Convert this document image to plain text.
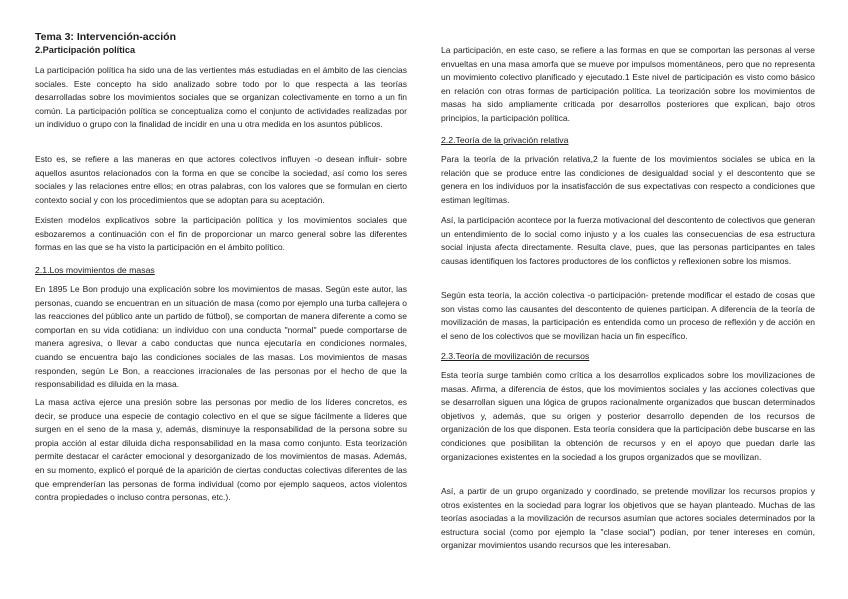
Tema 3: Intervención-acción
2.Participación política

La participación política ha sido una de las vertientes más estudiadas en el ámbito de las ciencias sociales. Este concepto ha sido analizado sobre todo por lo que respecta a las teorías desarrolladas sobre los movimientos sociales que se organizan colectivamente en torno a un fin común. La participación política se conceptualiza como el conjunto de actividades realizadas por un individuo o grupo con la finalidad de incidir en una u otra medida en los asuntos públicos.

Esto es, se refiere a las maneras en que actores colectivos influyen -o desean influir- sobre aquellos asuntos relacionados con la forma en que se concibe la sociedad, así como los seres sociales y las relaciones entre ellos; en otras palabras, con los valores que se formulan en cierto contexto social y con los procedimientos que se adoptan para su aceptación.

Existen modelos explicativos sobre la participación política y los movimientos sociales que esbozaremos a continuación con el fin de proporcionar un marco general sobre las diferentes formas en las que se ha visto la participación en el ámbito político.

2.1.Los movimientos de masas

En 1895 Le Bon produjo una explicación sobre los movimientos de masas. Según este autor, las personas, cuando se encuentran en un situación de masa (como por ejemplo una turba callejera o las reacciones del público ante un partido de fútbol), se comportan de manera diferente a como se comportan en su vida cotidiana: un individuo con una conducta "normal" puede comportarse de manera agresiva, o llevar a cabo conductas que nunca ejecutaría en condiciones normales, cuando se encuentra bajo las condiciones sociales de las masas. Los movimientos de masas responden, según Le Bon, a reacciones irracionales de las personas por el hecho de que la responsabilidad es diluida en la masa.

La masa activa ejerce una presión sobre las personas por medio de los líderes concretos, es decir, se produce una especie de contagio colectivo en el que se sigue fácilmente a líderes que surgen en el seno de la masa y, además, disminuye la responsabilidad de la persona sobre su propia acción al estar diluida dicha responsabilidad en la masa como conjunto. Esta teorización permite destacar el carácter emocional y desorganizado de los movimientos de masas. Además, en su momento, explicó el porqué de la aparición de ciertas conductas colectivas diferentes de las que emprenderían las personas de forma individual (como por ejemplo saqueos, actos violentos contra propiedades o incluso contra personas, etc.).

La participación, en este caso, se refiere a las formas en que se comportan las personas al verse envueltas en una masa amorfa que se mueve por impulsos momentáneos, pero que no representa un movimiento colectivo planificado y ejecutado.1 Este nivel de participación es visto como básico en relación con otras formas de participación política. La teorización sobre los movimientos de masas ha sido ampliamente criticada por desarrollos posteriores que explican, bajo otros principios, la participación política.

2.2.Teoría de la privación relativa

Para la teoría de la privación relativa,2 la fuente de los movimientos sociales se ubica en la relación que se produce entre las condiciones de desigualdad social y el descontento que se genera en los individuos por la insatisfacción de sus expectativas con respecto a condiciones que estiman legítimas.

Así, la participación acontece por la fuerza motivacional del descontento de colectivos que generan un entendimiento de lo social como injusto y a los cuales las consecuencias de esa estructura social injusta afecta directamente. Resulta clave, pues, que las personas participantes en tales causas identifiquen los factores productores de los conflictos y reflexionen sobre los mismos.

Según esta teoría, la acción colectiva -o participación- pretende modificar el estado de cosas que son vistas como las causantes del descontento de quienes participan. A diferencia de la teoría de movilización de masas, la participación es entendida como un proceso de reflexión y de acción en el seno de los colectivos que se movilizan hacia un fin específico.

2.3.Teoría de movilización de recursos

Esta teoría surge también como crítica a los desarrollos explicados sobre los movilizaciones de masas. Afirma, a diferencia de éstos, que los movimientos sociales y las acciones colectivas que se desarrollan siguen una lógica de grupos racionalmente organizados que buscan determinados objetivos y, además, que su origen y posterior desarrollo dependen de los recursos de organización de los que disponen. Esta teoría considera que la participación debe buscarse en las condiciones que posibilitan la obtención de recursos y en el apoyo que puedan darle las organizaciones existentes en la sociedad a los grupos organizados que se movilizan.

Así, a partir de un grupo organizado y coordinado, se pretende movilizar los recursos propios y otros existentes en la sociedad para lograr los objetivos que se hayan planteado. Muchas de las teorías asociadas a la movilización de recursos asumían que actores sociales determinados por la estructura social (como por ejemplo la "clase social") podían, por tener intereses en común, organizar movimientos usando recursos que les interesaban.
